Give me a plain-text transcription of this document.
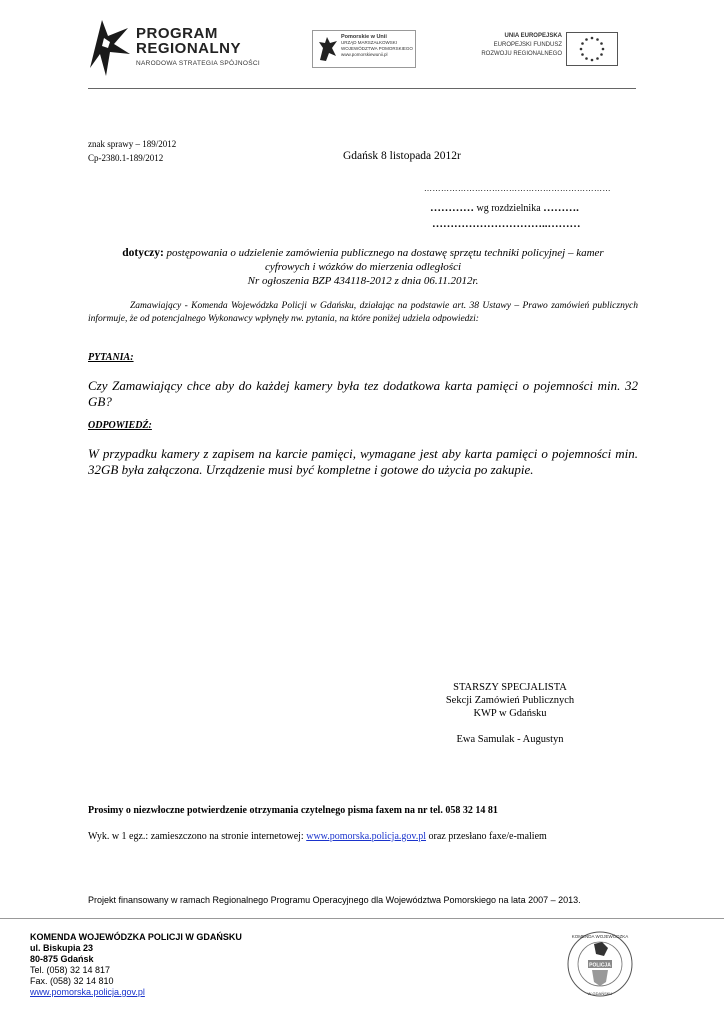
PROGRAM
REGIONALNY
NARODOWA STRATEGIA SPÓJNOŚCI
Pomorskie w Unii
URZĄD MARSZAŁKOWSKI
WOJEWÓDZTWA POMORSKIEGO
www.pomorskiewunii.pl
UNIA EUROPEJSKA
EUROPEJSKI FUNDUSZ
ROZWOJU REGIONALNEGO
znak sprawy – 189/2012
Cp-2380.1-189/2012	Gdańsk 8 listopada 2012r
…………………………………………………………
………… wg rozdzielnika ……….
…………………………..………
dotyczy: postępowania o udzielenie zamówienia publicznego na dostawę sprzętu techniki policyjnej – kamer
cyfrowych i wózków do mierzenia odległości
Nr ogłoszenia BZP 434118-2012 z dnia 06.11.2012r.
Zamawiający - Komenda Wojewódzka Policji w Gdańsku, działając na podstawie art. 38 Ustawy – Prawo zamówień publicznych informuje, że od potencjalnego Wykonawcy wpłynęły nw. pytania, na które poniżej udziela odpowiedzi:
PYTANIA:
Czy Zamawiający chce aby do każdej kamery była tez dodatkowa karta pamięci o pojemności min. 32 GB?
ODPOWIEDŹ:
W przypadku kamery z zapisem na karcie pamięci, wymagane jest aby karta pamięci o pojemności min. 32GB była załączona. Urządzenie musi być kompletne i gotowe do użycia po zakupie.
STARSZY SPECJALISTA
Sekcji Zamówień Publicznych
KWP w Gdańsku
Ewa Samulak - Augustyn
Prosimy o niezwłoczne potwierdzenie otrzymania czytelnego pisma faxem na nr tel. 058 32 14 81
Wyk. w 1 egz.: zamieszczono na stronie internetowej: www.pomorska.policja.gov.pl oraz przesłano faxe/e-maliem
Projekt finansowany w ramach Regionalnego Programu Operacyjnego dla Województwa Pomorskiego na lata 2007 – 2013.
KOMENDA WOJEWÓDZKA POLICJI W GDAŃSKU
ul. Biskupia 23
80-875 Gdańsk
Tel. (058) 32 14 817
Fax. (058) 32 14 810
www.pomorska.policja.gov.pl
KOMENDA WOJEWÓDZKA
POLICJA
W GDAŃSKU
